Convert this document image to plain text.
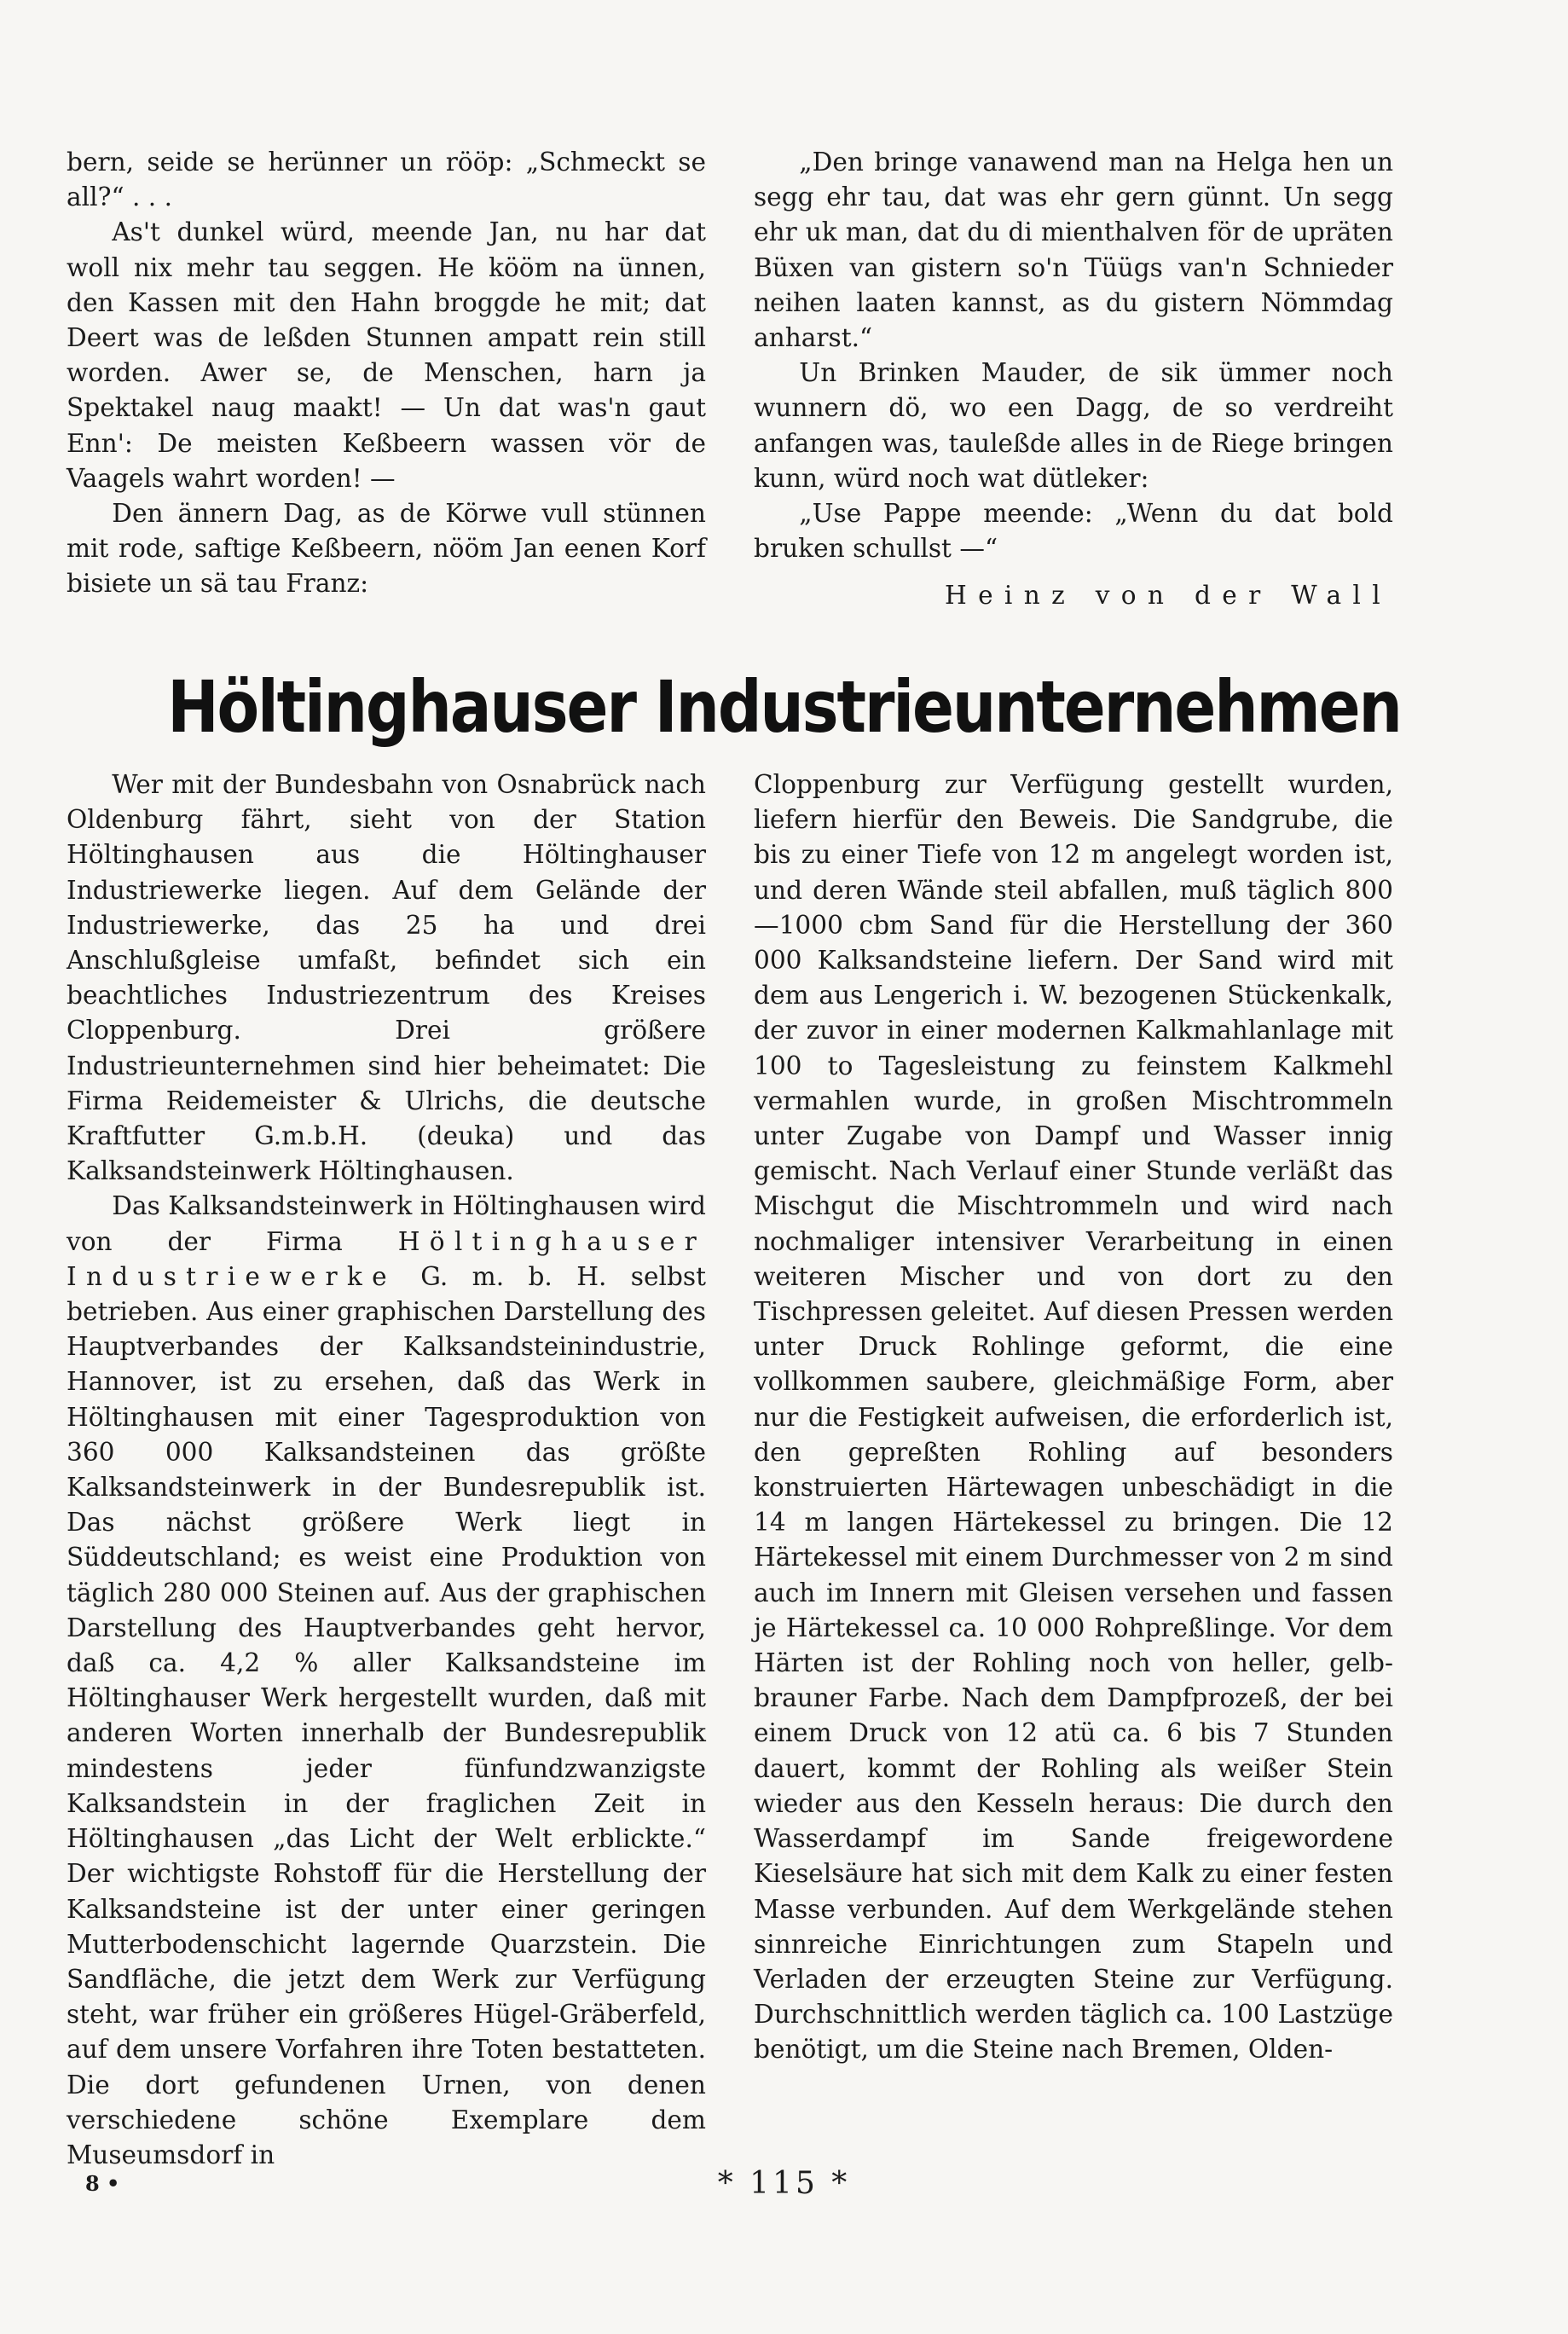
bern, seide se herünner un rööp: „Schmeckt se all?“ . . .

As't dunkel würd, meende Jan, nu har dat woll nix mehr tau seggen. He kööm na ünnen, den Kassen mit den Hahn broggde he mit; dat Deert was de leßden Stunnen ampatt rein still worden. Awer se, de Menschen, harn ja Spektakel naug maakt! — Un dat was'n gaut Enn': De meisten Keßbeern wassen vör de Vaagels wahrt worden! —

Den ännern Dag, as de Körwe vull stünnen mit rode, saftige Keßbeern, nööm Jan eenen Korf bisiete un sä tau Franz:

„Den bringe vanawend man na Helga hen un segg ehr tau, dat was ehr gern günnt. Un segg ehr uk man, dat du di mienthalven för de upräten Büxen van gistern so'n Tüügs van'n Schnieder neihen laaten kannst, as du gistern Nömmdag anharst.“

Un Brinken Mauder, de sik ümmer noch wunnern dö, wo een Dagg, de so verdreiht anfangen was, tauleßde alles in de Riege bringen kunn, würd noch wat dütleker:

„Use Pappe meende: „Wenn du dat bold bruken schullst —“

Heinz von der Wall

Höltinghauser Industrieunternehmen

Wer mit der Bundesbahn von Osnabrück nach Oldenburg fährt, sieht von der Station Höltinghausen aus die Höltinghauser Industriewerke liegen. Auf dem Gelände der Industriewerke, das 25 ha und drei Anschlußgleise umfaßt, befindet sich ein beachtliches Industriezentrum des Kreises Cloppenburg. Drei größere Industrieunternehmen sind hier beheimatet: Die Firma Reidemeister & Ulrichs, die deutsche Kraftfutter G.m.b.H. (deuka) und das Kalksandsteinwerk Höltinghausen.

Das Kalksandsteinwerk in Höltinghausen wird von der Firma Höltinghauser Industriewerke G. m. b. H. selbst betrieben. Aus einer graphischen Darstellung des Hauptverbandes der Kalksandsteinindustrie, Hannover, ist zu ersehen, daß das Werk in Höltinghausen mit einer Tagesproduktion von 360 000 Kalksandsteinen das größte Kalksandsteinwerk in der Bundesrepublik ist. Das nächst größere Werk liegt in Süddeutschland; es weist eine Produktion von täglich 280 000 Steinen auf. Aus der graphischen Darstellung des Hauptverbandes geht hervor, daß ca. 4,2 % aller Kalksandsteine im Höltinghauser Werk hergestellt wurden, daß mit anderen Worten innerhalb der Bundesrepublik mindestens jeder fünfundzwanzigste Kalksandstein in der fraglichen Zeit in Höltinghausen „das Licht der Welt erblickte.“ Der wichtigste Rohstoff für die Herstellung der Kalksandsteine ist der unter einer geringen Mutterbodenschicht lagernde Quarzstein. Die Sandfläche, die jetzt dem Werk zur Verfügung steht, war früher ein größeres Hügel-Gräberfeld, auf dem unsere Vorfahren ihre Toten bestatteten. Die dort gefundenen Urnen, von denen verschiedene schöne Exemplare dem Museumsdorf in

Cloppenburg zur Verfügung gestellt wurden, liefern hierfür den Beweis. Die Sandgrube, die bis zu einer Tiefe von 12 m angelegt worden ist, und deren Wände steil abfallen, muß täglich 800—1000 cbm Sand für die Herstellung der 360 000 Kalksandsteine liefern. Der Sand wird mit dem aus Lengerich i. W. bezogenen Stückenkalk, der zuvor in einer modernen Kalkmahlanlage mit 100 to Tagesleistung zu feinstem Kalkmehl vermahlen wurde, in großen Mischtrommeln unter Zugabe von Dampf und Wasser innig gemischt. Nach Verlauf einer Stunde verläßt das Mischgut die Mischtrommeln und wird nach nochmaliger intensiver Verarbeitung in einen weiteren Mischer und von dort zu den Tischpressen geleitet. Auf diesen Pressen werden unter Druck Rohlinge geformt, die eine vollkommen saubere, gleichmäßige Form, aber nur die Festigkeit aufweisen, die erforderlich ist, den gepreßten Rohling auf besonders konstruierten Härtewagen unbeschädigt in die 14 m langen Härtekessel zu bringen. Die 12 Härtekessel mit einem Durchmesser von 2 m sind auch im Innern mit Gleisen versehen und fassen je Härtekessel ca. 10 000 Rohpreßlinge. Vor dem Härten ist der Rohling noch von heller, gelb-brauner Farbe. Nach dem Dampfprozeß, der bei einem Druck von 12 atü ca. 6 bis 7 Stunden dauert, kommt der Rohling als weißer Stein wieder aus den Kesseln heraus: Die durch den Wasserdampf im Sande freigewordene Kieselsäure hat sich mit dem Kalk zu einer festen Masse verbunden. Auf dem Werkgelände stehen sinnreiche Einrichtungen zum Stapeln und Verladen der erzeugten Steine zur Verfügung. Durchschnittlich werden täglich ca. 100 Lastzüge benötigt, um die Steine nach Bremen, Olden-

8 •	* 115 *
